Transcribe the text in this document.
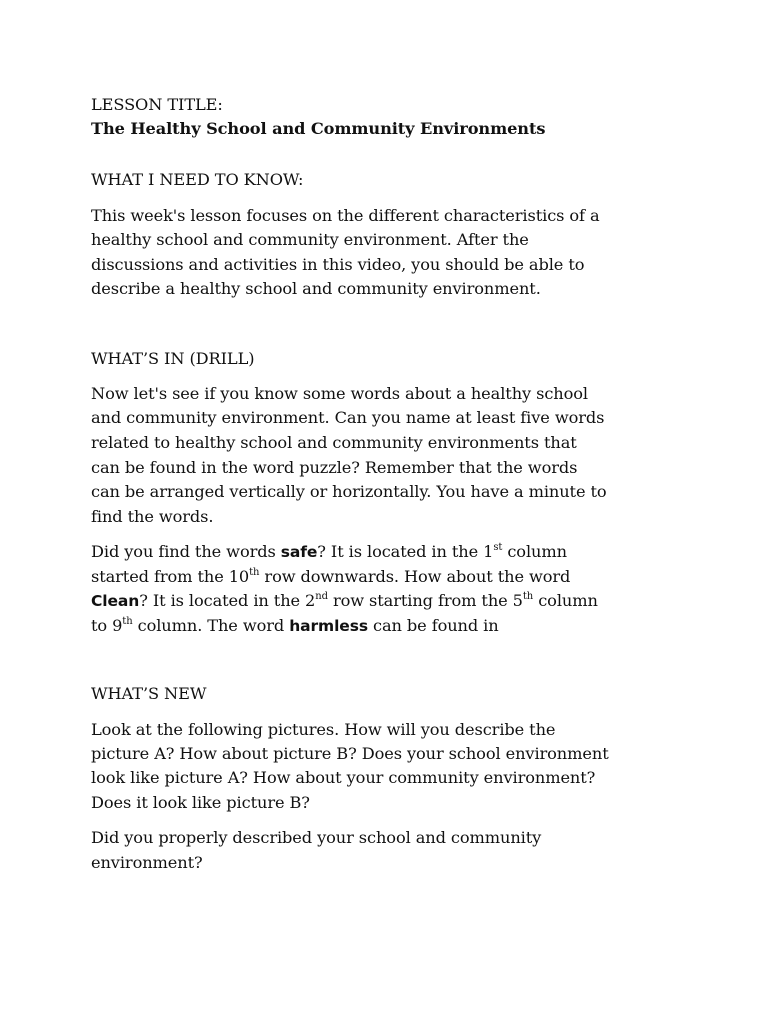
LESSON TITLE:
The Healthy School and Community Environments
WHAT I NEED TO KNOW:
This week's lesson focuses on the different characteristics of a
healthy school and community environment. After the
discussions and activities in this video, you should be able to
describe a healthy school and community environment.
WHAT’S IN (DRILL)
Now let's see if you know some words about a healthy school
and community environment. Can you name at least five words
related to healthy school and community environments that
can be found in the word puzzle? Remember that the words
can be arranged vertically or horizontally. You have a minute to
find the words.
Did you find the words safe? It is located in the 1st column
started from the 10th row downwards. How about the word
Clean? It is located in the 2nd row starting from the 5th column
to 9th column. The word harmless can be found in
WHAT’S NEW
Look at the following pictures. How will you describe the
picture A? How about picture B? Does your school environment
look like picture A? How about your community environment?
Does it look like picture B?
Did you properly described your school and community
environment?
